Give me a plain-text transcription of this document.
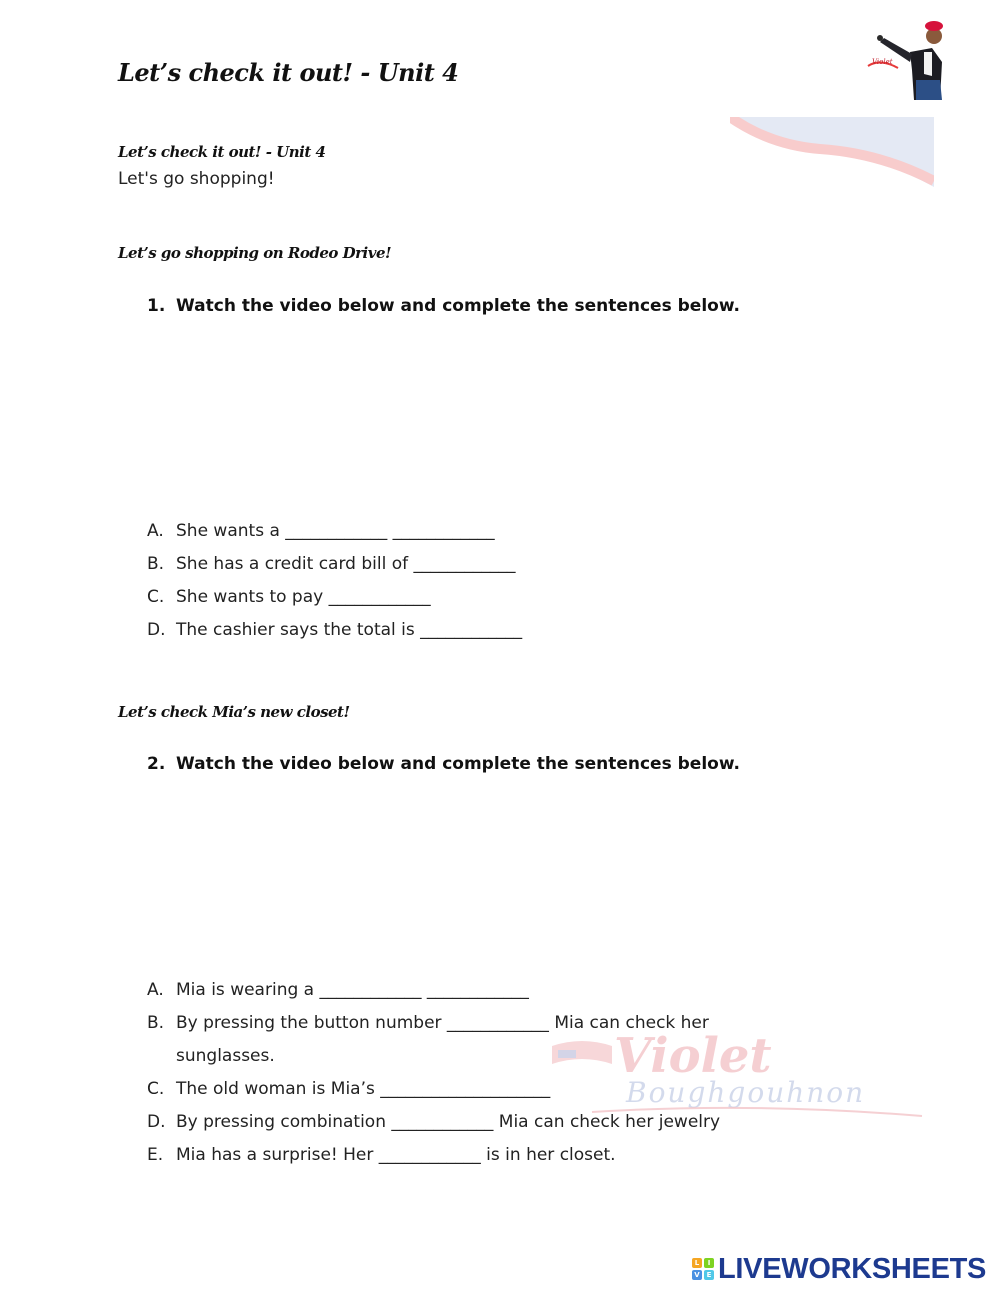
Let’s check it out! - Unit 4
Let’s check it out! - Unit 4
Let's go shopping!
Violet
Let’s go shopping on Rodeo Drive!
1. Watch the video below and complete the sentences below.
A. She wants a ____________ ____________
B. She has a credit card bill of ____________
C. She wants to pay ____________
D. The cashier says the total is ____________
Let’s check Mia’s new closet!
2. Watch the video below and complete the sentences below.
Violet
Boughgouhnon
A. Mia is wearing a ____________ ____________
B. By pressing the button number ____________ Mia can check her
sunglasses.
C. The old woman is Mia’s ____________________
D. By pressing combination ____________ Mia can check her jewelry
E. Mia has a surprise! Her ____________ is in her closet.
L	I
V E LIVEWORKSHEETS
